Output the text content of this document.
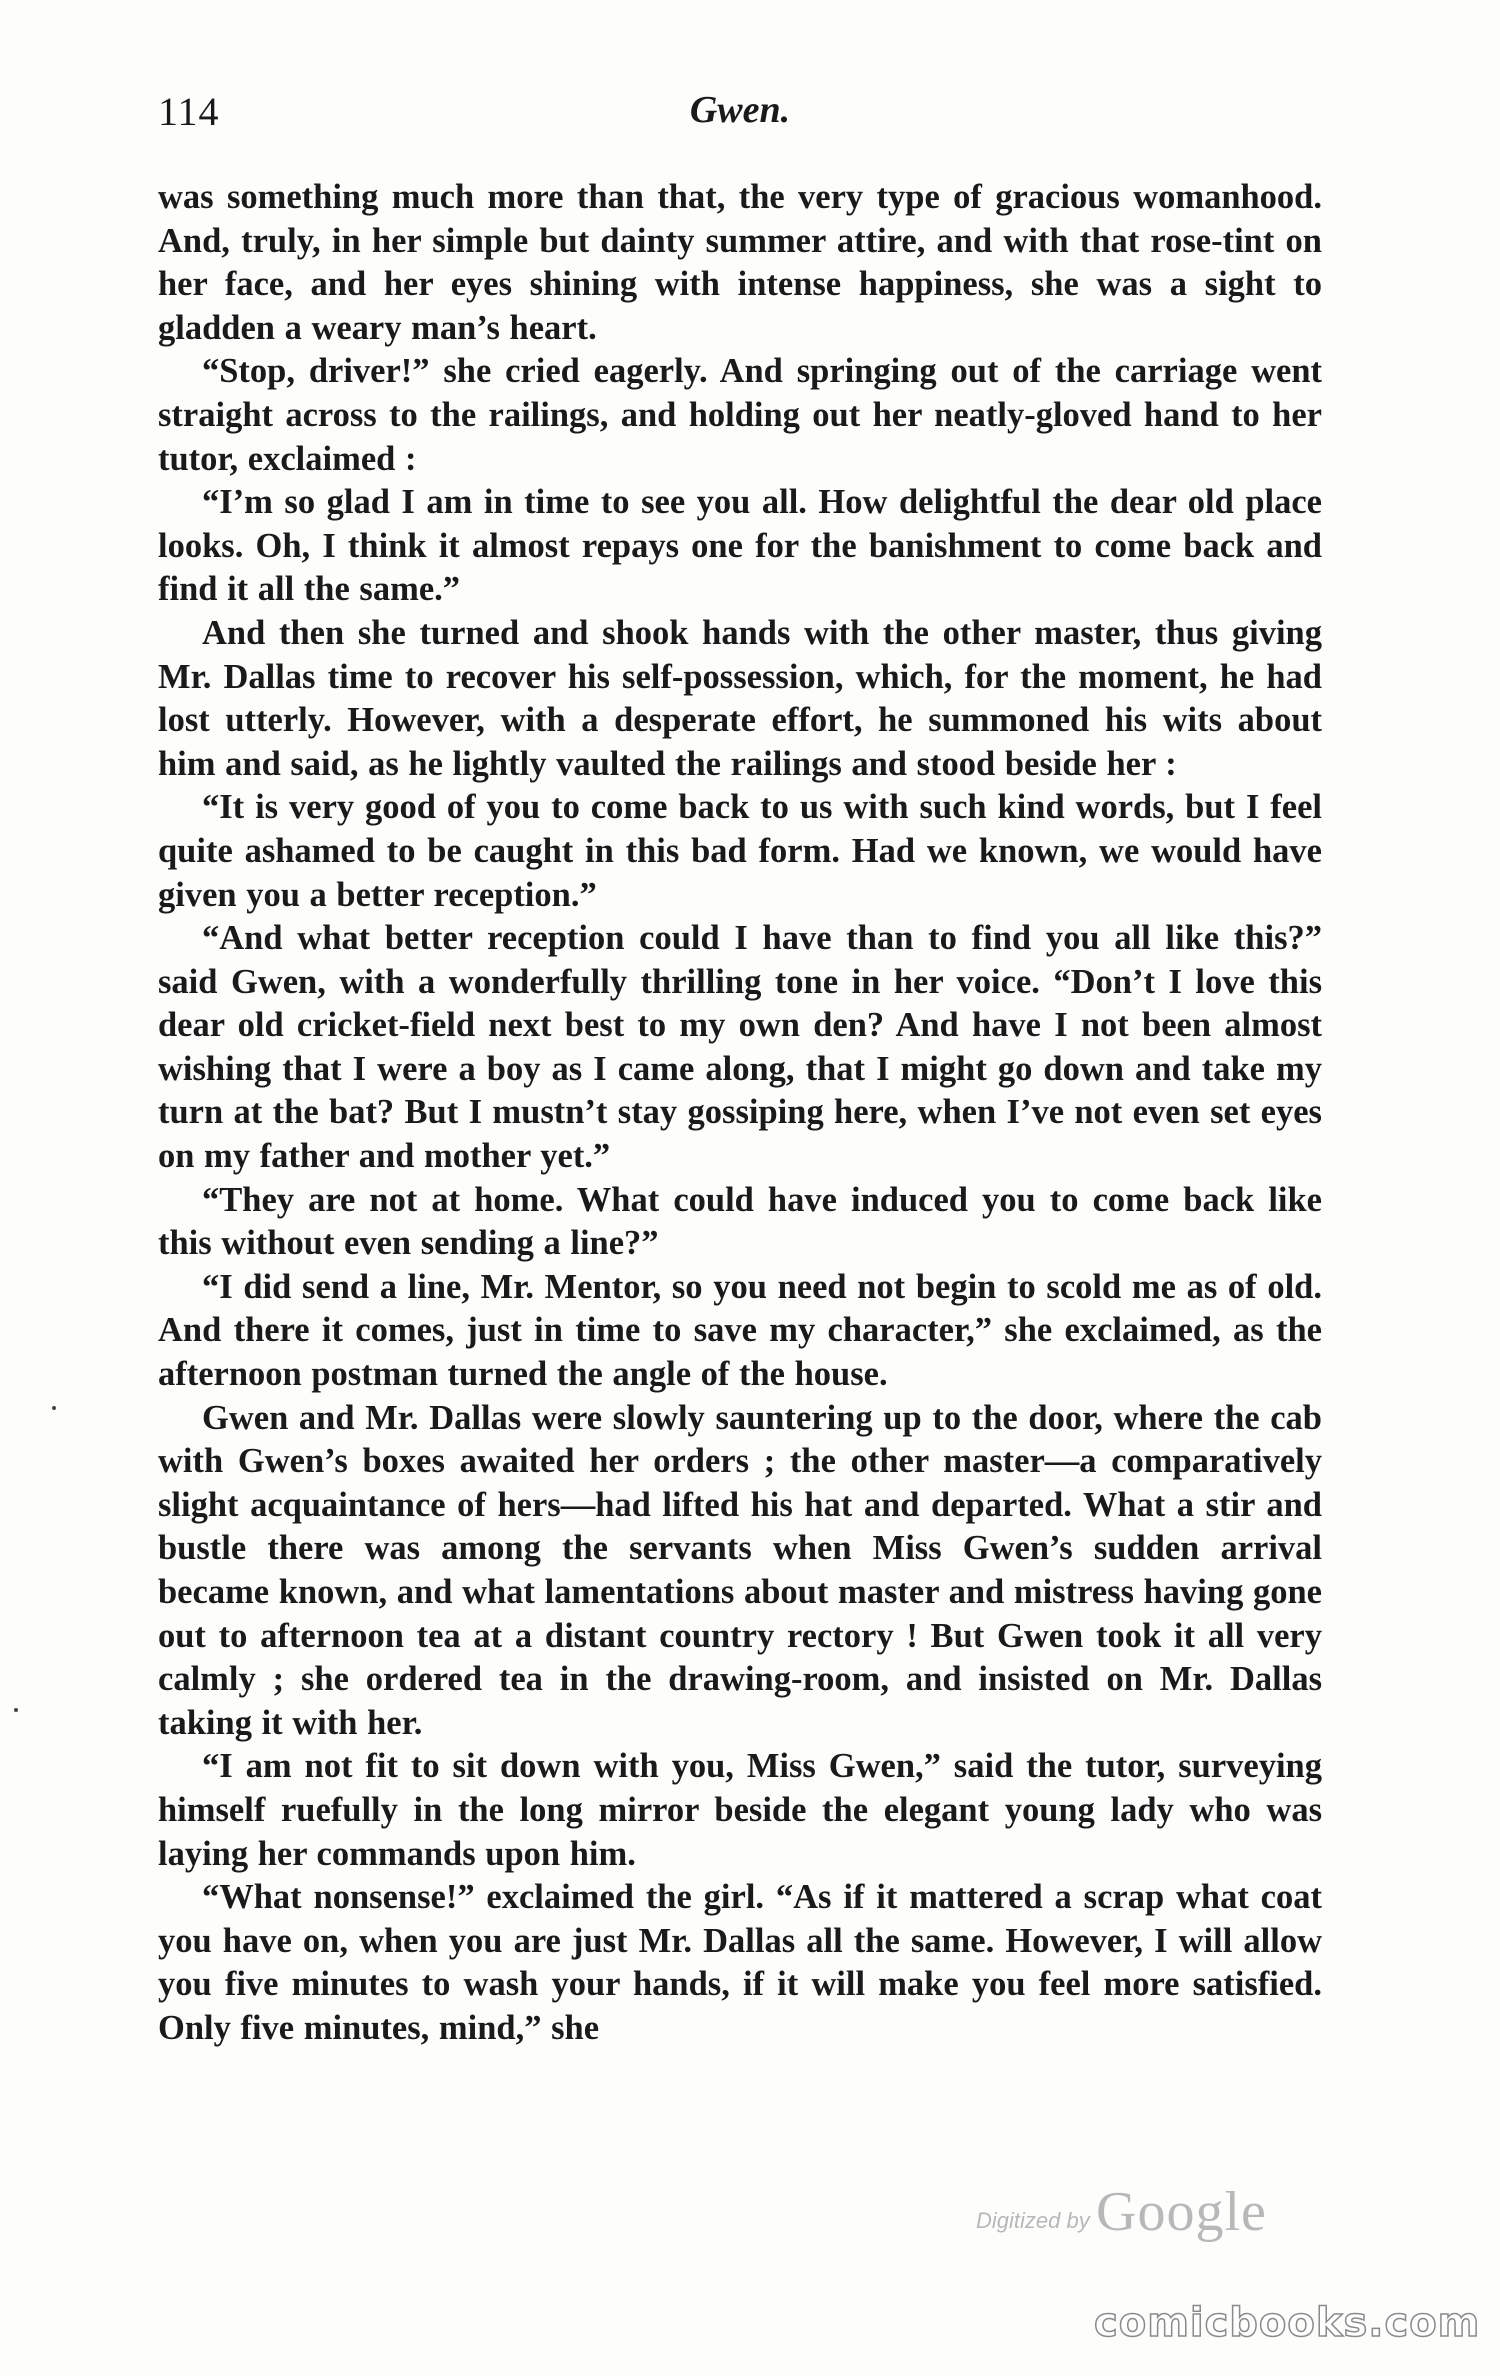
114	Gwen.

was something much more than that, the very type of gracious womanhood. And, truly, in her simple but dainty summer attire, and with that rose-tint on her face, and her eyes shining with intense happiness, she was a sight to gladden a weary man’s heart.

“Stop, driver!” she cried eagerly. And springing out of the carriage went straight across to the railings, and holding out her neatly-gloved hand to her tutor, exclaimed :

“I’m so glad I am in time to see you all. How delightful the dear old place looks. Oh, I think it almost repays one for the banishment to come back and find it all the same.”

And then she turned and shook hands with the other master, thus giving Mr. Dallas time to recover his self-possession, which, for the moment, he had lost utterly. However, with a desperate effort, he summoned his wits about him and said, as he lightly vaulted the railings and stood beside her :

“It is very good of you to come back to us with such kind words, but I feel quite ashamed to be caught in this bad form. Had we known, we would have given you a better reception.”

“And what better reception could I have than to find you all like this?” said Gwen, with a wonderfully thrilling tone in her voice. “Don’t I love this dear old cricket-field next best to my own den? And have I not been almost wishing that I were a boy as I came along, that I might go down and take my turn at the bat? But I mustn’t stay gossiping here, when I’ve not even set eyes on my father and mother yet.”

“They are not at home. What could have induced you to come back like this without even sending a line?”

“I did send a line, Mr. Mentor, so you need not begin to scold me as of old. And there it comes, just in time to save my character,” she exclaimed, as the afternoon postman turned the angle of the house.

Gwen and Mr. Dallas were slowly sauntering up to the door, where the cab with Gwen’s boxes awaited her orders ; the other master—a comparatively slight acquaintance of hers—had lifted his hat and departed. What a stir and bustle there was among the servants when Miss Gwen’s sudden arrival became known, and what lamentations about master and mistress having gone out to afternoon tea at a distant country rectory ! But Gwen took it all very calmly ; she ordered tea in the drawing-room, and insisted on Mr. Dallas taking it with her.

“I am not fit to sit down with you, Miss Gwen,” said the tutor, surveying himself ruefully in the long mirror beside the elegant young lady who was laying her commands upon him.

“What nonsense!” exclaimed the girl. “As if it mattered a scrap what coat you have on, when you are just Mr. Dallas all the same. However, I will allow you five minutes to wash your hands, if it will make you feel more satisfied. Only five minutes, mind,” she

Digitized by Google
comicbooks.com
